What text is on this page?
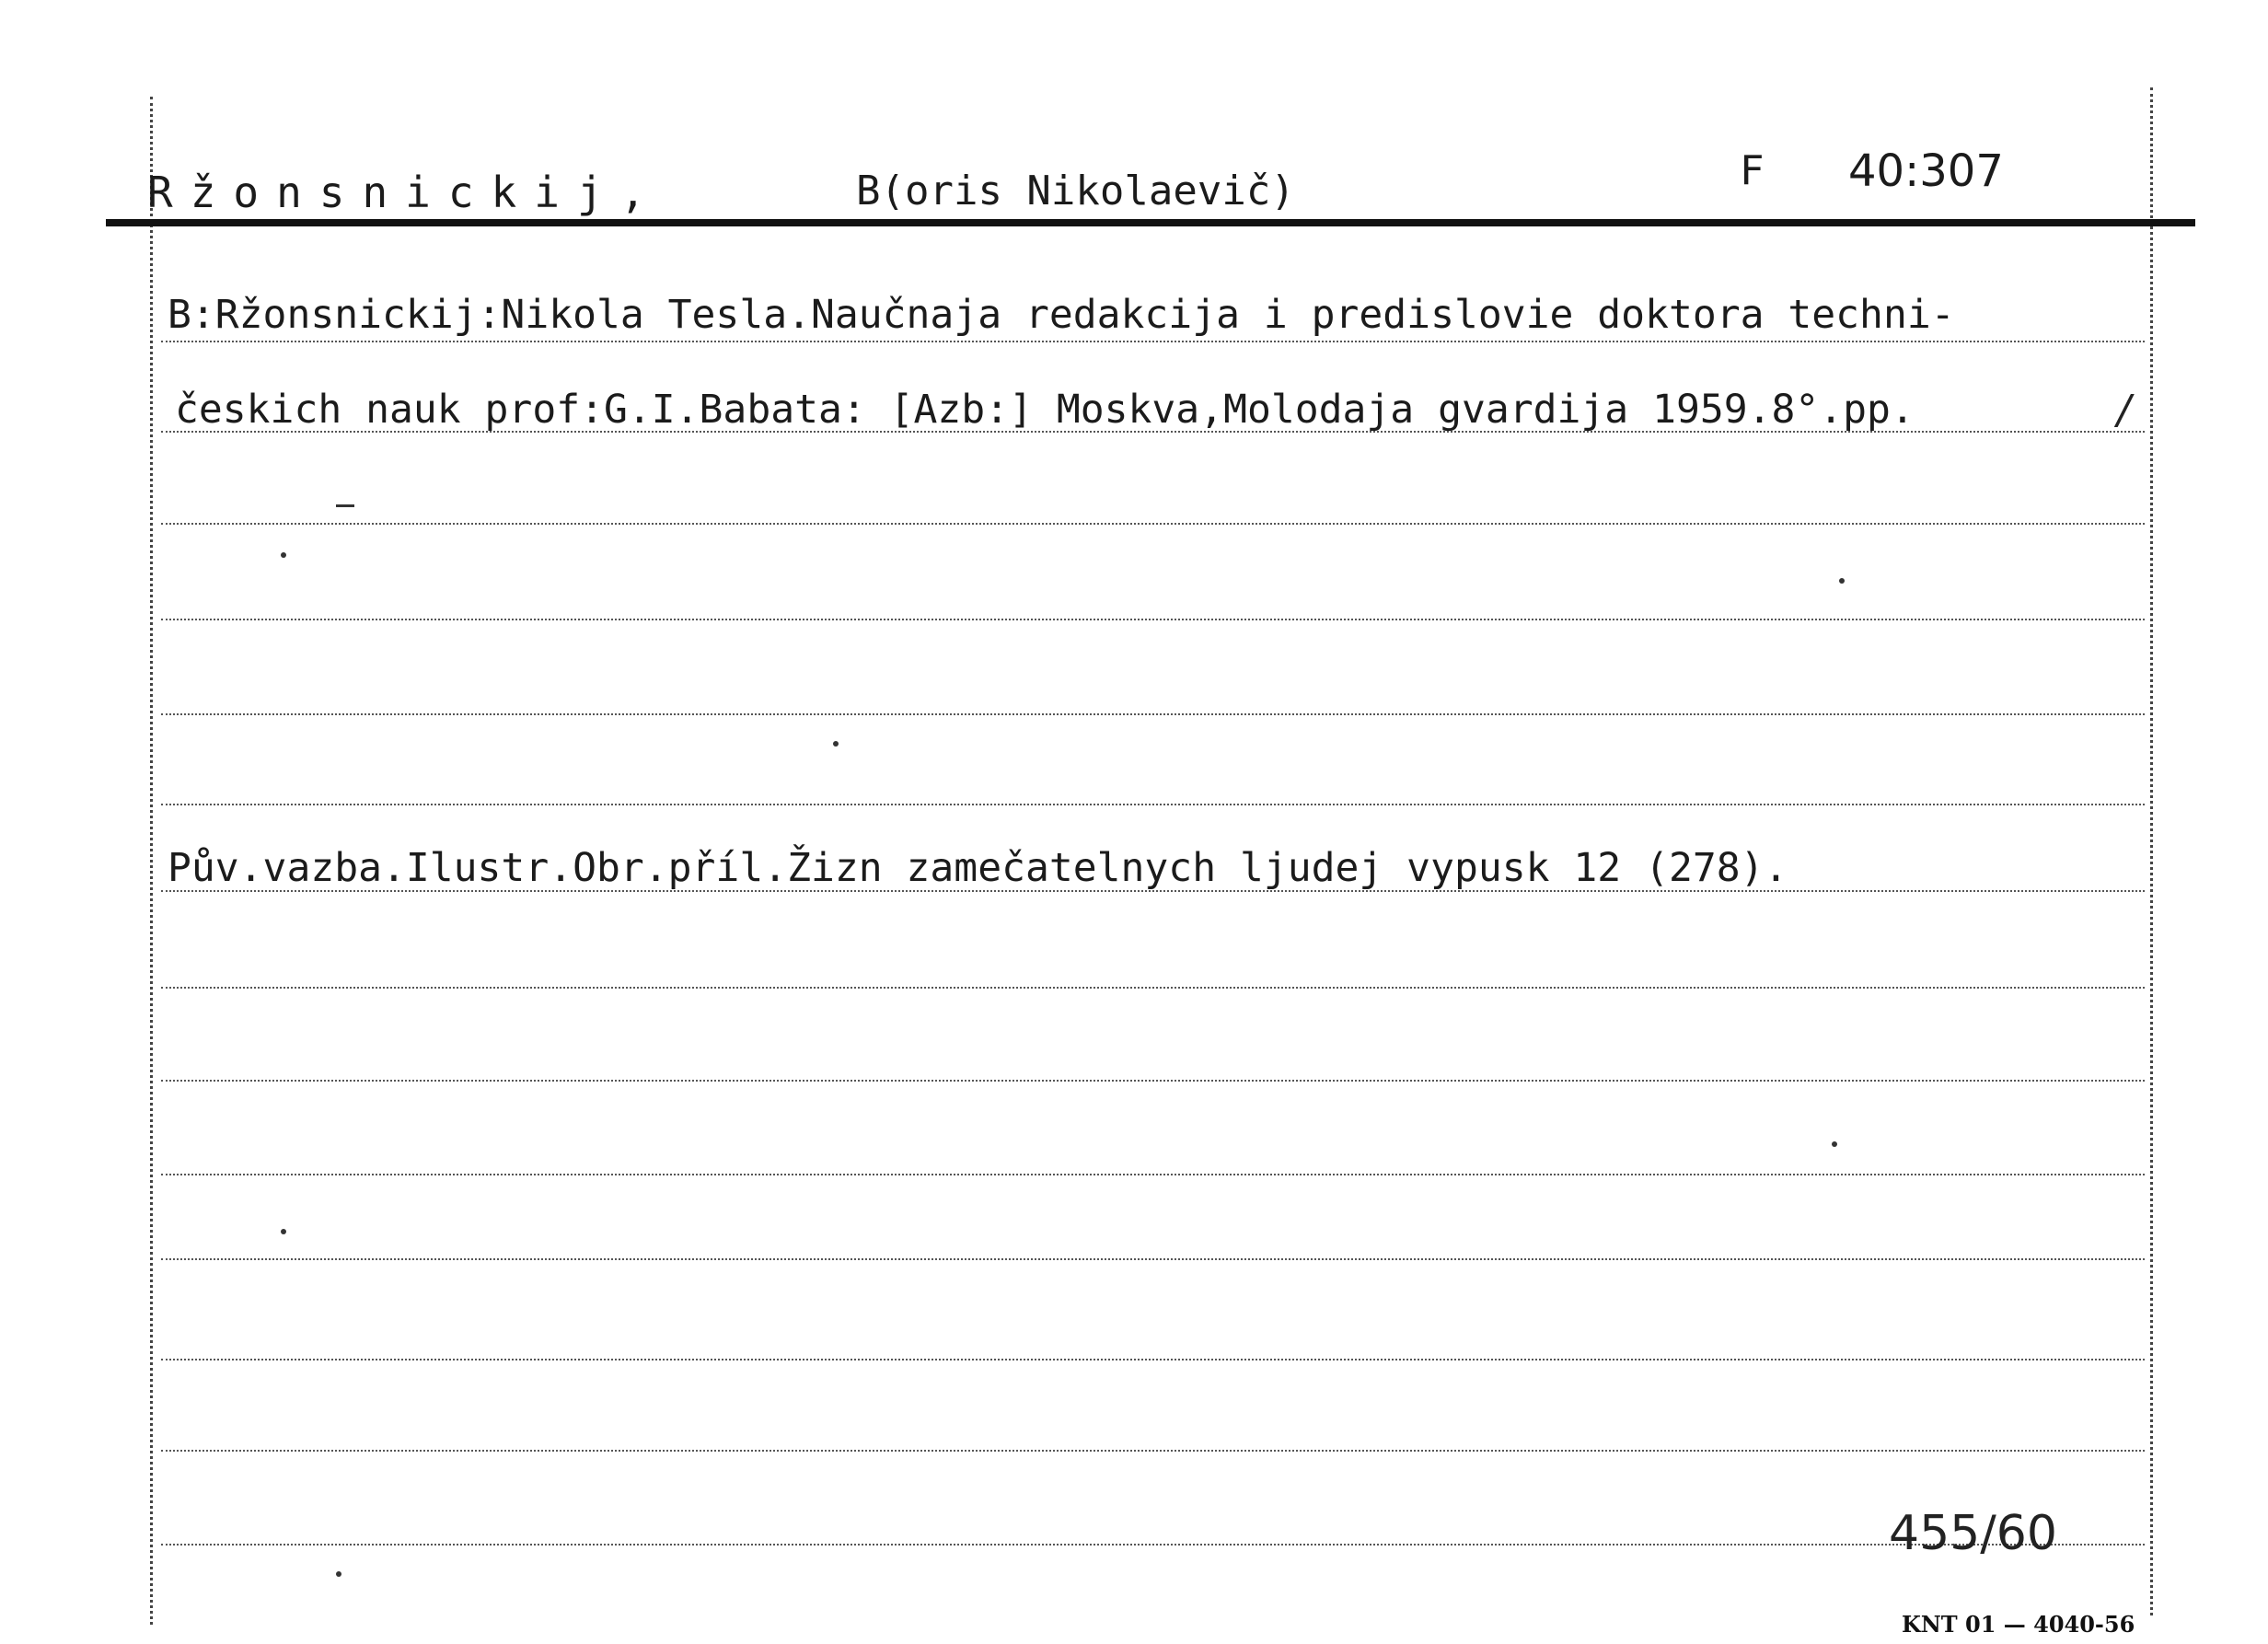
Ržonsnickij,	B(oris Nikolaevič)	F 40:307
B:Ržonsnickij:Nikola Tesla.Naučnaja redakcija i predislovie doktora techni-
českich nauk prof:G.I.Babata: [Azb:] Moskva,Molodaja gvardija 1959.8°.pp.	/
Pův.vazba.Ilustr.Obr.příl.Žizn zamečatelnych ljudej vypusk 12 (278).
455/60
KNT 01 — 4040-56
